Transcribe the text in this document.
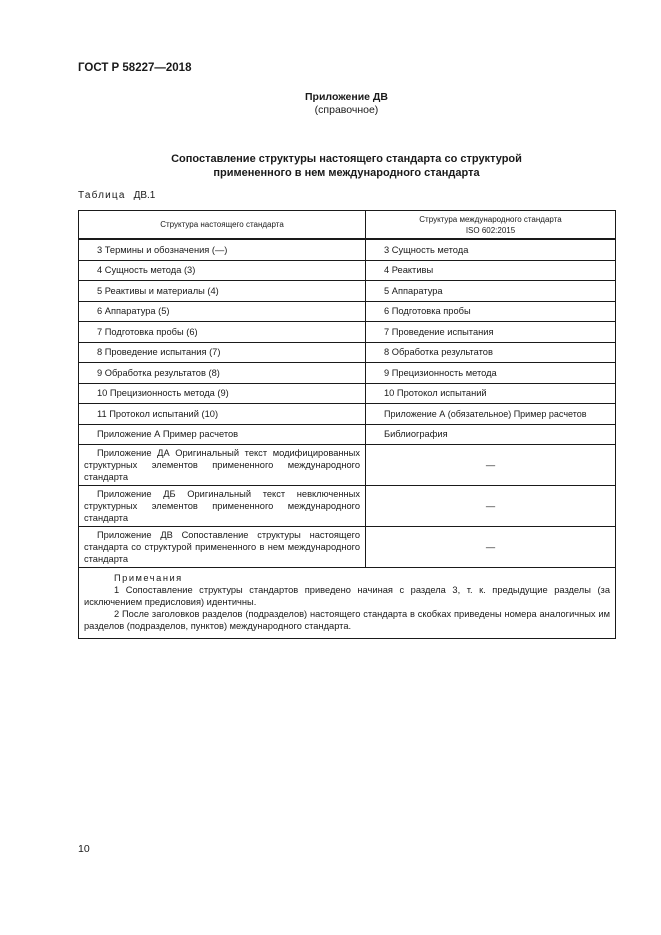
ГОСТ Р 58227—2018
Приложение ДВ
(справочное)
Сопоставление структуры настоящего стандарта со структурой
примененного в нем международного стандарта
Таблица ДВ.1
Структура настоящего стандарта	Структура международного стандарта
ISO 602:2015

3 Термины и обозначения (—)	3 Сущность метода
4 Сущность метода (3)	4 Реактивы
5 Реактивы и материалы (4)	5 Аппаратура
6 Аппаратура (5)	6 Подготовка пробы
7 Подготовка пробы (6)	7 Проведение испытания
8 Проведение испытания (7)	8 Обработка результатов
9 Обработка результатов (8)	9 Прецизионность метода
10 Прецизионность метода (9)	10 Протокол испытаний
11 Протокол испытаний (10)	Приложение А (обязательное) Пример расчетов
Приложение А Пример расчетов	Библиография
Приложение ДА Оригинальный текст модифицированных структурных элементов примененного международного стандарта	—
Приложение ДБ Оригинальный текст невключенных структурных элементов примененного международного стандарта	—
Приложение ДВ Сопоставление структуры настоящего стандарта со структурой примененного в нем международного стандарта	—

Примечания
1 Сопоставление структуры стандартов приведено начиная с раздела 3, т. к. предыдущие разделы (за исключением предисловия) идентичны.
2 После заголовков разделов (подразделов) настоящего стандарта в скобках приведены номера аналогичных им разделов (подразделов, пунктов) международного стандарта.	
10
